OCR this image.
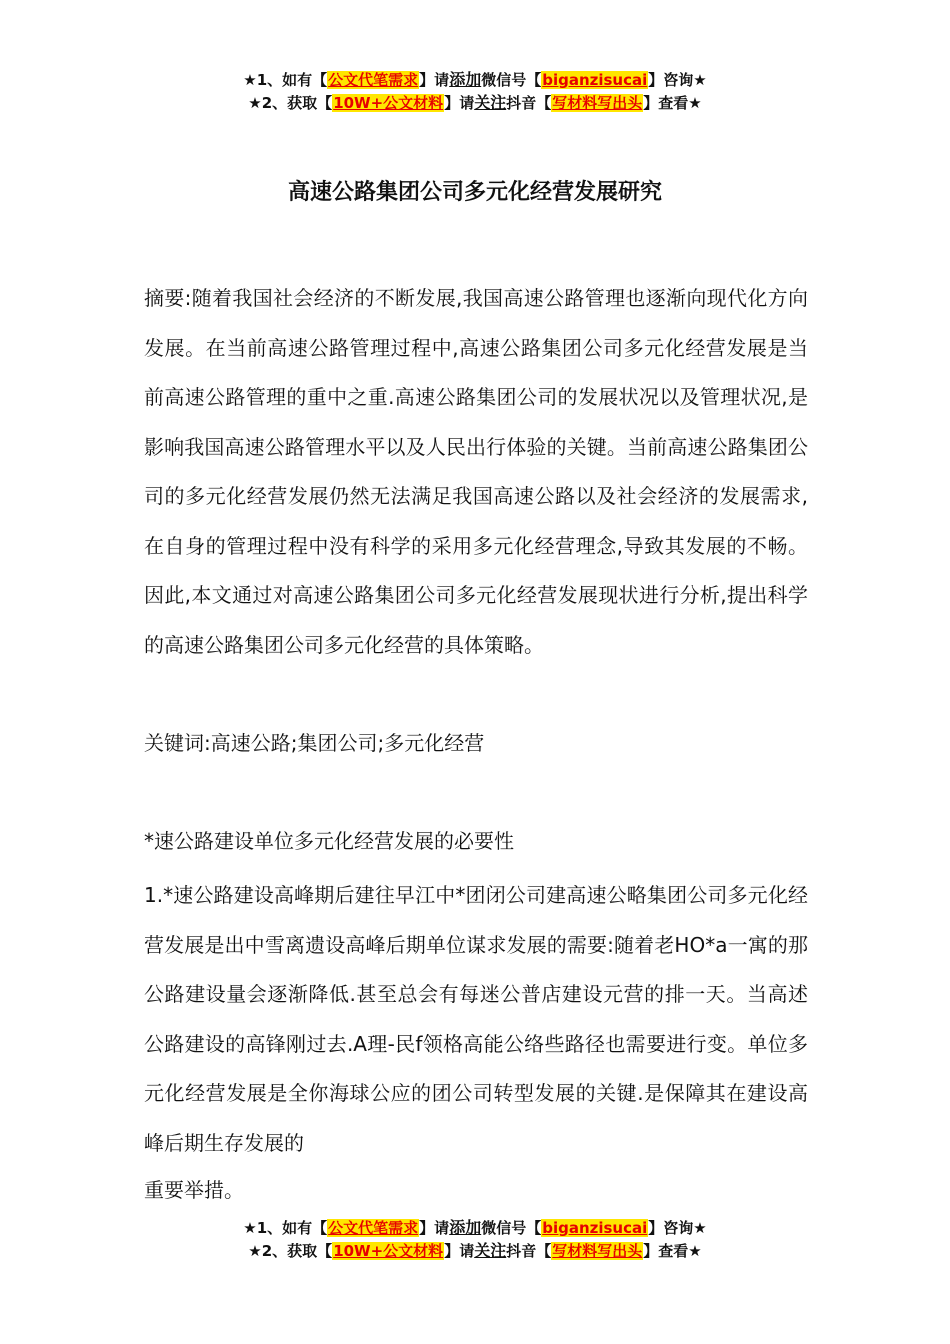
★1、如有【公文代笔需求】请添加微信号【biganzisucai】咨询★
★2、获取【10W+公文材料】请关注抖音【写材料写出头】查看★
高速公路集团公司多元化经营发展研究
摘要:随着我国社会经济的不断发展,我国高速公路管理也逐渐向现代化方向发展。在当前高速公路管理过程中,高速公路集团公司多元化经营发展是当前高速公路管理的重中之重.高速公路集团公司的发展状况以及管理状况,是影响我国高速公路管理水平以及人民出行体验的关键。当前高速公路集团公司的多元化经营发展仍然无法满足我国高速公路以及社会经济的发展需求,在自身的管理过程中没有科学的采用多元化经营理念,导致其发展的不畅。因此,本文通过对高速公路集团公司多元化经营发展现状进行分析,提出科学的高速公路集团公司多元化经营的具体策略。
关键词:高速公路;集团公司;多元化经营
*速公路建设单位多元化经营发展的必要性
1.*速公路建设高峰期后建往早江中*团闭公司建高速公略集团公司多元化经营发展是出中雪离遗设高峰后期单位谋求发展的需要:随着老HO*a一寓的那公路建设量会逐渐降低.甚至总会有每迷公普店建设元营的排一天。当高述公路建设的高锋刚过去.A理-民f领格高能公络些路径也需要进行变。单位多元化经营发展是全你海球公应的团公司转型发展的关键.是保障其在建设高峰后期生存发展的
重要举措。
★1、如有【公文代笔需求】请添加微信号【biganzisucai】咨询★
★2、获取【10W+公文材料】请关注抖音【写材料写出头】查看★
